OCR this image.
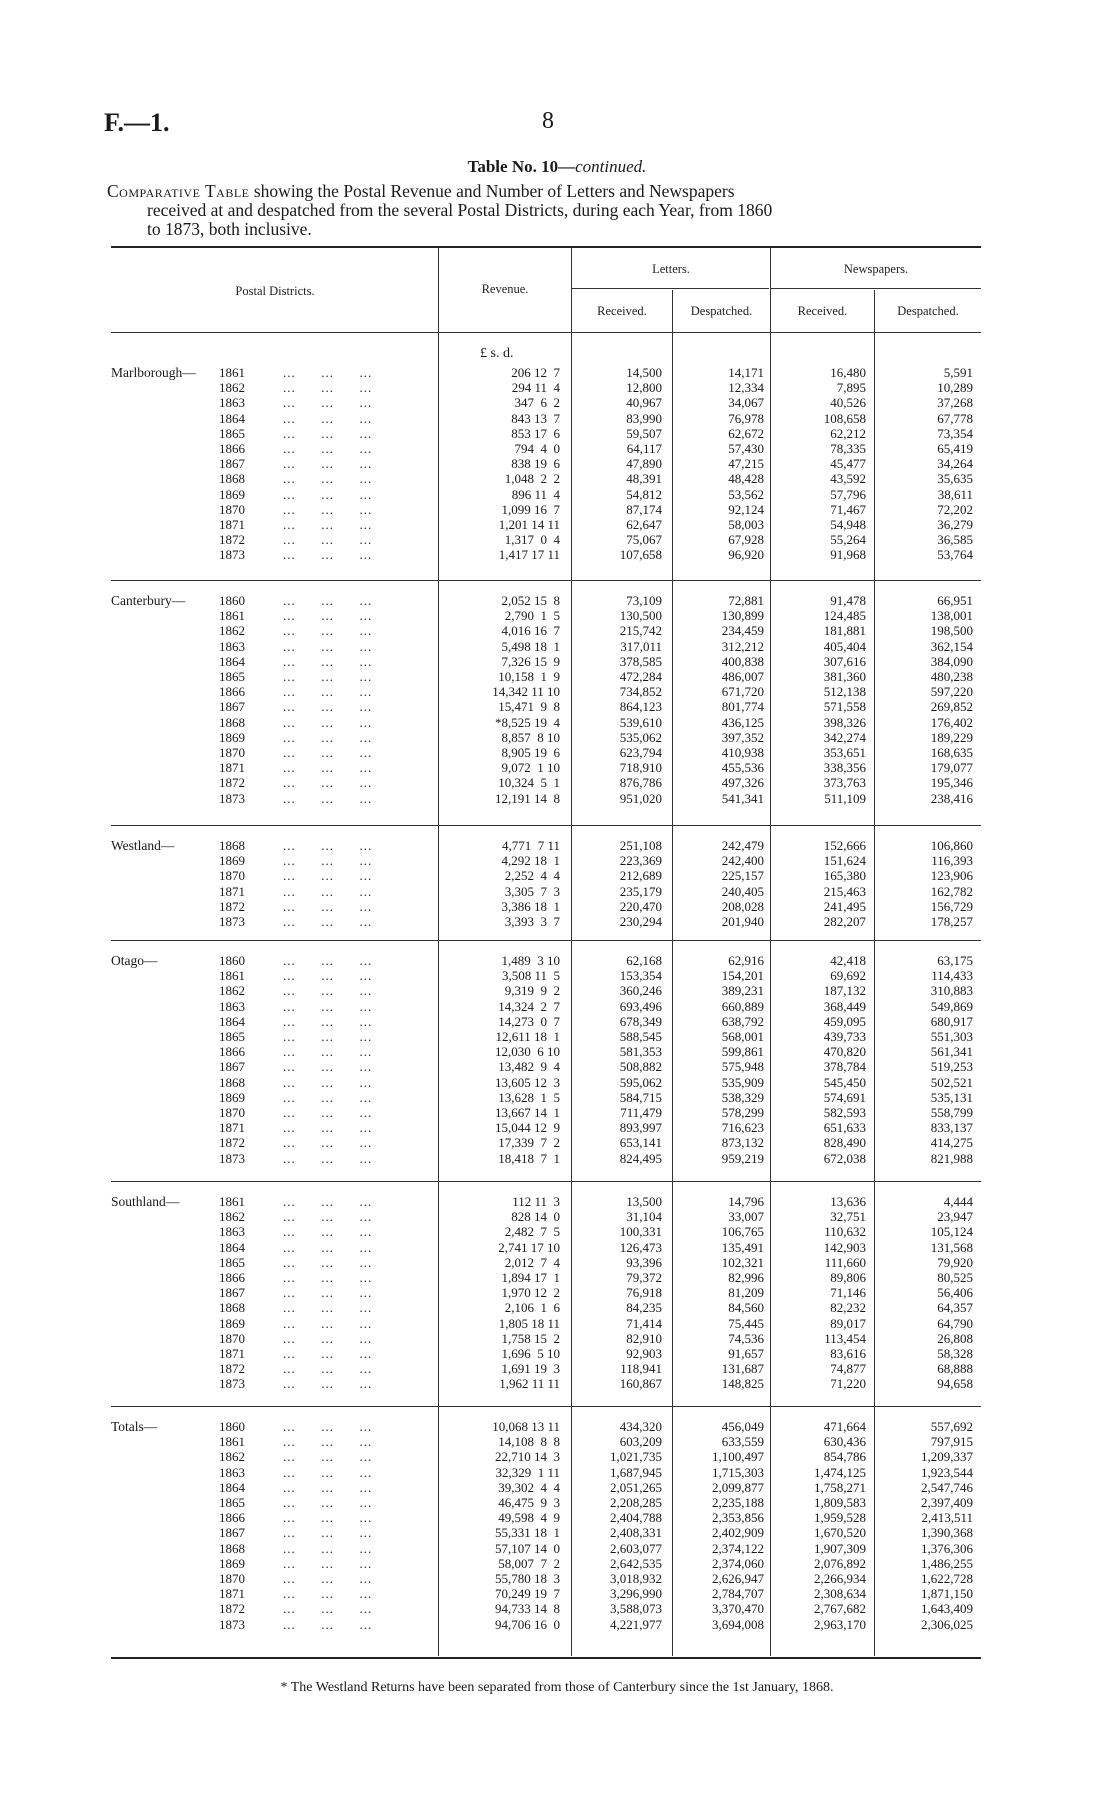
F.—1.	8
Table No. 10—continued.
Comparative Table showing the Postal Revenue and Number of Letters and Newspapers
received at and despatched from the several Postal Districts, during each Year, from 1860
to 1873, both inclusive.
Postal Districts.	Revenue.
Letters.	Newspapers.
Received.	Despatched.	Received.	Despatched.
£ s. d.
Marlborough— 1861	...      ...      ...	206 12  7	14,500	14,171	16,480	5,591
1862	...      ...      ...	294 11  4	12,800	12,334	7,895	10,289
1863	...      ...      ...	347  6  2	40,967	34,067	40,526	37,268
1864	...      ...      ...	843 13  7	83,990	76,978	108,658	67,778
1865	...      ...      ...	853 17  6	59,507	62,672	62,212	73,354
1866	...      ...      ...	794  4  0	64,117	57,430	78,335	65,419
1867	...      ...      ...	838 19  6	47,890	47,215	45,477	34,264
1868	...      ...      ...	1,048  2  2	48,391	48,428	43,592	35,635
1869	...      ...      ...	896 11  4	54,812	53,562	57,796	38,611
1870	...      ...      ...	1,099 16  7	87,174	92,124	71,467	72,202
1871	...      ...      ...	1,201 14 11	62,647	58,003	54,948	36,279
1872	...      ...      ...	1,317  0  4	75,067	67,928	55,264	36,585
1873	...      ...      ...	1,417 17 11	107,658	96,920	91,968	53,764
Canterbury—	1860	...      ...      ...	2,052 15  8	73,109	72,881	91,478	66,951
1861	...      ...      ...	2,790  1  5	130,500	130,899	124,485	138,001
1862	...      ...      ...	4,016 16  7	215,742	234,459	181,881	198,500
1863	...      ...      ...	5,498 18  1	317,011	312,212	405,404	362,154
1864	...      ...      ...	7,326 15  9	378,585	400,838	307,616	384,090
1865	...      ...      ...	10,158  1  9	472,284	486,007	381,360	480,238
1866	...      ...      ...	14,342 11 10	734,852	671,720	512,138	597,220
1867	...      ...      ...	15,471  9  8	864,123	801,774	571,558	269,852
1868	...      ...      ...	*8,525 19  4	539,610	436,125	398,326	176,402
1869	...      ...      ...	8,857  8 10	535,062	397,352	342,274	189,229
1870	...      ...      ...	8,905 19  6	623,794	410,938	353,651	168,635
1871	...      ...      ...	9,072  1 10	718,910	455,536	338,356	179,077
1872	...      ...      ...	10,324  5  1	876,786	497,326	373,763	195,346
1873	...      ...      ...	12,191 14  8	951,020	541,341	511,109	238,416
Westland—	1868	...      ...      ...	4,771  7 11	251,108	242,479	152,666	106,860
1869	...      ...      ...	4,292 18  1	223,369	242,400	151,624	116,393
1870	...      ...      ...	2,252  4  4	212,689	225,157	165,380	123,906
1871	...      ...      ...	3,305  7  3	235,179	240,405	215,463	162,782
1872	...      ...      ...	3,386 18  1	220,470	208,028	241,495	156,729
1873	...      ...      ...	3,393  3  7	230,294	201,940	282,207	178,257
Otago—	1860	...      ...      ...	1,489  3 10	62,168	62,916	42,418	63,175
1861	...      ...      ...	3,508 11  5	153,354	154,201	69,692	114,433
1862	...      ...      ...	9,319  9  2	360,246	389,231	187,132	310,883
1863	...      ...      ...	14,324  2  7	693,496	660,889	368,449	549,869
1864	...      ...      ...	14,273  0  7	678,349	638,792	459,095	680,917
1865	...      ...      ...	12,611 18  1	588,545	568,001	439,733	551,303
1866	...      ...      ...	12,030  6 10	581,353	599,861	470,820	561,341
1867	...      ...      ...	13,482  9  4	508,882	575,948	378,784	519,253
1868	...      ...      ...	13,605 12  3	595,062	535,909	545,450	502,521
1869	...      ...      ...	13,628  1  5	584,715	538,329	574,691	535,131
1870	...      ...      ...	13,667 14  1	711,479	578,299	582,593	558,799
1871	...      ...      ...	15,044 12  9	893,997	716,623	651,633	833,137
1872	...      ...      ...	17,339  7  2	653,141	873,132	828,490	414,275
1873	...      ...      ...	18,418  7  1	824,495	959,219	672,038	821,988
Southland—	1861	...      ...      ...	112 11  3	13,500	14,796	13,636	4,444
1862	...      ...      ...	828 14  0	31,104	33,007	32,751	23,947
1863	...      ...      ...	2,482  7  5	100,331	106,765	110,632	105,124
1864	...      ...      ...	2,741 17 10	126,473	135,491	142,903	131,568
1865	...      ...      ...	2,012  7  4	93,396	102,321	111,660	79,920
1866	...      ...      ...	1,894 17  1	79,372	82,996	89,806	80,525
1867	...      ...      ...	1,970 12  2	76,918	81,209	71,146	56,406
1868	...      ...      ...	2,106  1  6	84,235	84,560	82,232	64,357
1869	...      ...      ...	1,805 18 11	71,414	75,445	89,017	64,790
1870	...      ...      ...	1,758 15  2	82,910	74,536	113,454	26,808
1871	...      ...      ...	1,696  5 10	92,903	91,657	83,616	58,328
1872	...      ...      ...	1,691 19  3	118,941	131,687	74,877	68,888
1873	...      ...      ...	1,962 11 11	160,867	148,825	71,220	94,658
Totals—	1860	...      ...      ...	10,068 13 11	434,320	456,049	471,664	557,692
1861	...      ...      ...	14,108  8  8	603,209	633,559	630,436	797,915
1862	...      ...      ...	22,710 14  3	1,021,735	1,100,497	854,786	1,209,337
1863	...      ...      ...	32,329  1 11	1,687,945	1,715,303	1,474,125	1,923,544
1864	...      ...      ...	39,302  4  4	2,051,265	2,099,877	1,758,271	2,547,746
1865	...      ...      ...	46,475  9  3	2,208,285	2,235,188	1,809,583	2,397,409
1866	...      ...      ...	49,598  4  9	2,404,788	2,353,856	1,959,528	2,413,511
1867	...      ...      ...	55,331 18  1	2,408,331	2,402,909	1,670,520	1,390,368
1868	...      ...      ...	57,107 14  0	2,603,077	2,374,122	1,907,309	1,376,306
1869	...      ...      ...	58,007  7  2	2,642,535	2,374,060	2,076,892	1,486,255
1870	...      ...      ...	55,780 18  3	3,018,932	2,626,947	2,266,934	1,622,728
1871	...      ...      ...	70,249 19  7	3,296,990	2,784,707	2,308,634	1,871,150
1872	...      ...      ...	94,733 14  8	3,588,073	3,370,470	2,767,682	1,643,409
1873	...      ...      ...	94,706 16  0	4,221,977	3,694,008	2,963,170	2,306,025
* The Westland Returns have been separated from those of Canterbury since the 1st January, 1868.
